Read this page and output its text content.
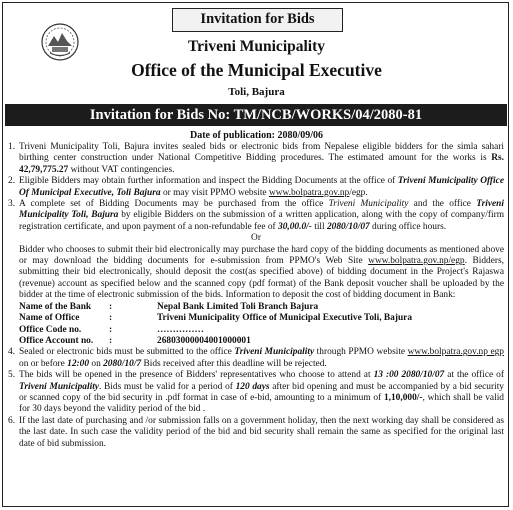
Invitation for Bids
Triveni Municipality
Office of the Municipal Executive
Toli, Bajura
Invitation for Bids No: TM/NCB/WORKS/04/2080-81
Date of publication: 2080/09/06
1. Triveni Municipality Toli, Bajura invites sealed bids or electronic bids from Nepalese eligible bidders for the simla sahari birthing center construction under National Competitive Bidding procedures. The estimated amount for the works is Rs. 42,79,775.27 without VAT contingencies.
2. Eligible Bidders may obtain further information and inspect the Bidding Documents at the office of Triveni Municipality Office Of Municipal Executive, Toli Bajura or may visit PPMO website www.bolpatra.gov.np/egp.
3. A complete set of Bidding Documents may be purchased from the office Triveni Municipality and the office Triveni Municipality Toli, Bajura by eligible Bidders on the submission of a written application, along with the copy of company/firm registration certificate, and upon payment of a non-refundable fee of 30,00.0/- till 2080/10/07 during office hours.

Or

Bidder who chooses to submit their bid electronically may purchase the hard copy of the bidding documents as mentioned above or may download the bidding documents for e-submission from PPMO's Web Site www.bolpatra.gov.np/egp. Bidders, submitting their bid electronically, should deposit the cost(as specified above) of bidding document in the Project's Rajaswa (revenue) account as specified below and the scanned copy (pdf format) of the Bank deposit voucher shall be uploaded by the bidder at the time of electronic submission of the bids. Information to deposit the cost of bidding document in Bank:
Name of the Bank	:	Nepal Bank Limited Toli Branch Bajura
Name of Office	:	Triveni Municipality Office of Municipal Executive Toli, Bajura
Office Code no.	:	……………
Office Account no.	:	26803000004001000001
4. Sealed or electronic bids must be submitted to the office Triveni Municipality through PPMO website www.bolpatra.gov.np egp on or before 12:00 on 2080/10/7 Bids received after this deadline will be rejected.
5. The bids will be opened in the presence of Bidders' representatives who choose to attend at 13 :00 2080/10/07 at the office of Triveni Municipality. Bids must be valid for a period of 120 days after bid opening and must be accompanied by a bid security or scanned copy of the bid security in .pdf format in case of e-bid, amounting to a minimum of 1,10,000/-, which shall be valid for 30 days beyond the validity period of the bid .
6. If the last date of purchasing and /or submission falls on a government holiday, then the next working day shall be considered as the last date. In such case the validity period of the bid and bid security shall remain the same as specified for the original last date of bid submission.
